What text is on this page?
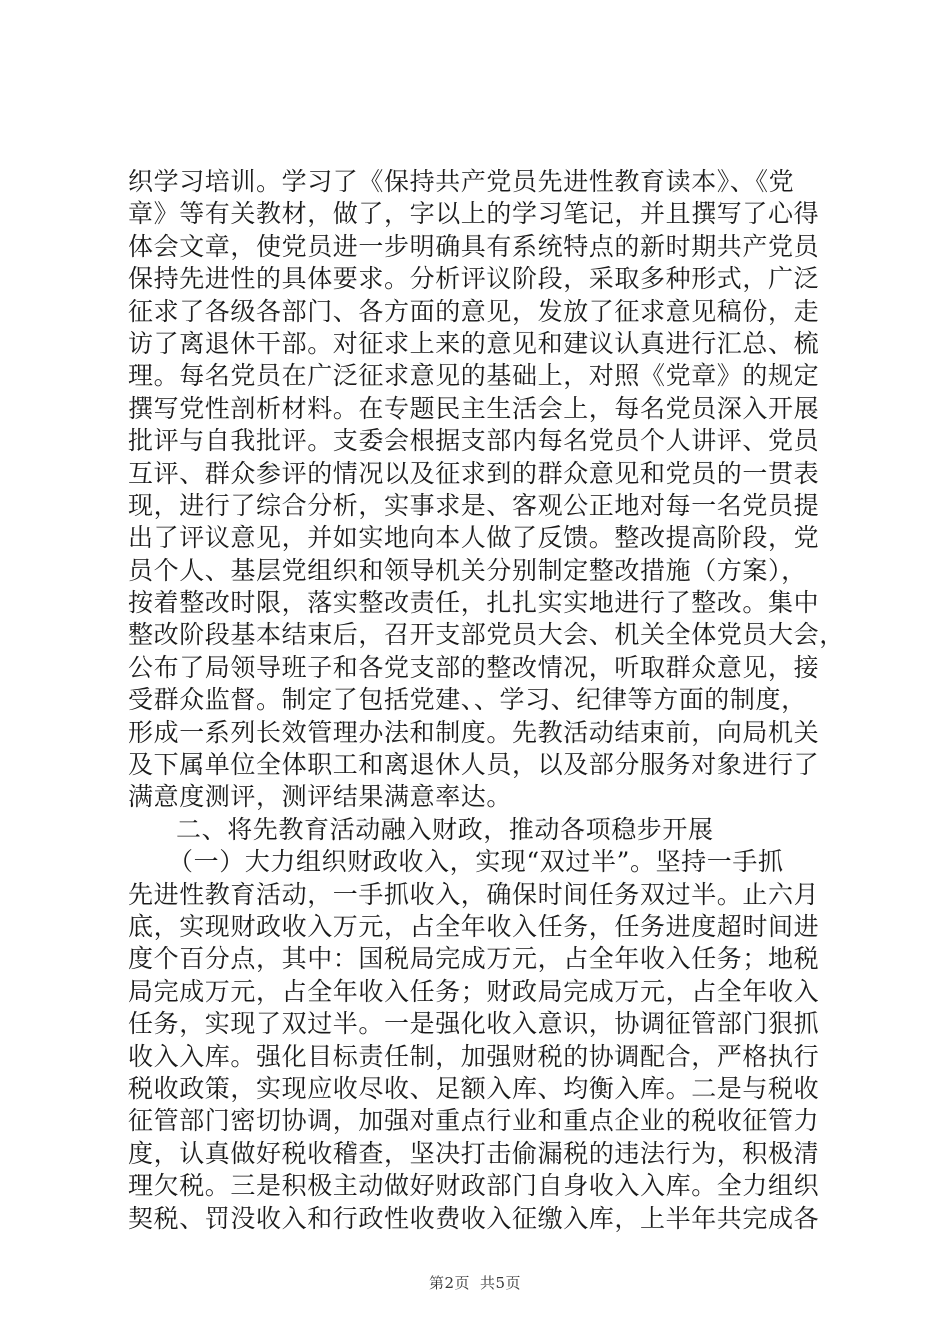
织学习培训。学习了《保持共产党员先进性教育读本》、《党
章》等有关教材，做了，字以上的学习笔记，并且撰写了心得
体会文章，使党员进一步明确具有系统特点的新时期共产党员
保持先进性的具体要求。分析评议阶段，采取多种形式，广泛
征求了各级各部门、各方面的意见，发放了征求意见稿份，走
访了离退休干部。对征求上来的意见和建议认真进行汇总、梳
理。每名党员在广泛征求意见的基础上，对照《党章》的规定
撰写党性剖析材料。在专题民主生活会上，每名党员深入开展
批评与自我批评。支委会根据支部内每名党员个人讲评、党员
互评、群众参评的情况以及征求到的群众意见和党员的一贯表
现，进行了综合分析，实事求是、客观公正地对每一名党员提
出了评议意见，并如实地向本人做了反馈。整改提高阶段，党
员个人、基层党组织和领导机关分别制定整改措施（方案），
按着整改时限，落实整改责任，扎扎实实地进行了整改。集中
整改阶段基本结束后，召开支部党员大会、机关全体党员大会，
公布了局领导班子和各党支部的整改情况，听取群众意见，接
受群众监督。制定了包括党建、、学习、纪律等方面的制度，
形成一系列长效管理办法和制度。先教活动结束前，向局机关
及下属单位全体职工和离退休人员，以及部分服务对象进行了
满意度测评，测评结果满意率达。
二、将先教育活动融入财政，推动各项稳步开展
（一）大力组织财政收入，实现“双过半”。坚持一手抓
先进性教育活动，一手抓收入，确保时间任务双过半。止六月
底，实现财政收入万元，占全年收入任务，任务进度超时间进
度个百分点，其中：国税局完成万元，占全年收入任务；地税
局完成万元，占全年收入任务；财政局完成万元，占全年收入
任务，实现了双过半。一是强化收入意识，协调征管部门狠抓
收入入库。强化目标责任制，加强财税的协调配合，严格执行
税收政策，实现应收尽收、足额入库、均衡入库。二是与税收
征管部门密切协调，加强对重点行业和重点企业的税收征管力
度，认真做好税收稽查，坚决打击偷漏税的违法行为，积极清
理欠税。三是积极主动做好财政部门自身收入入库。全力组织
契税、罚没收入和行政性收费收入征缴入库，上半年共完成各
第2页 共5页
